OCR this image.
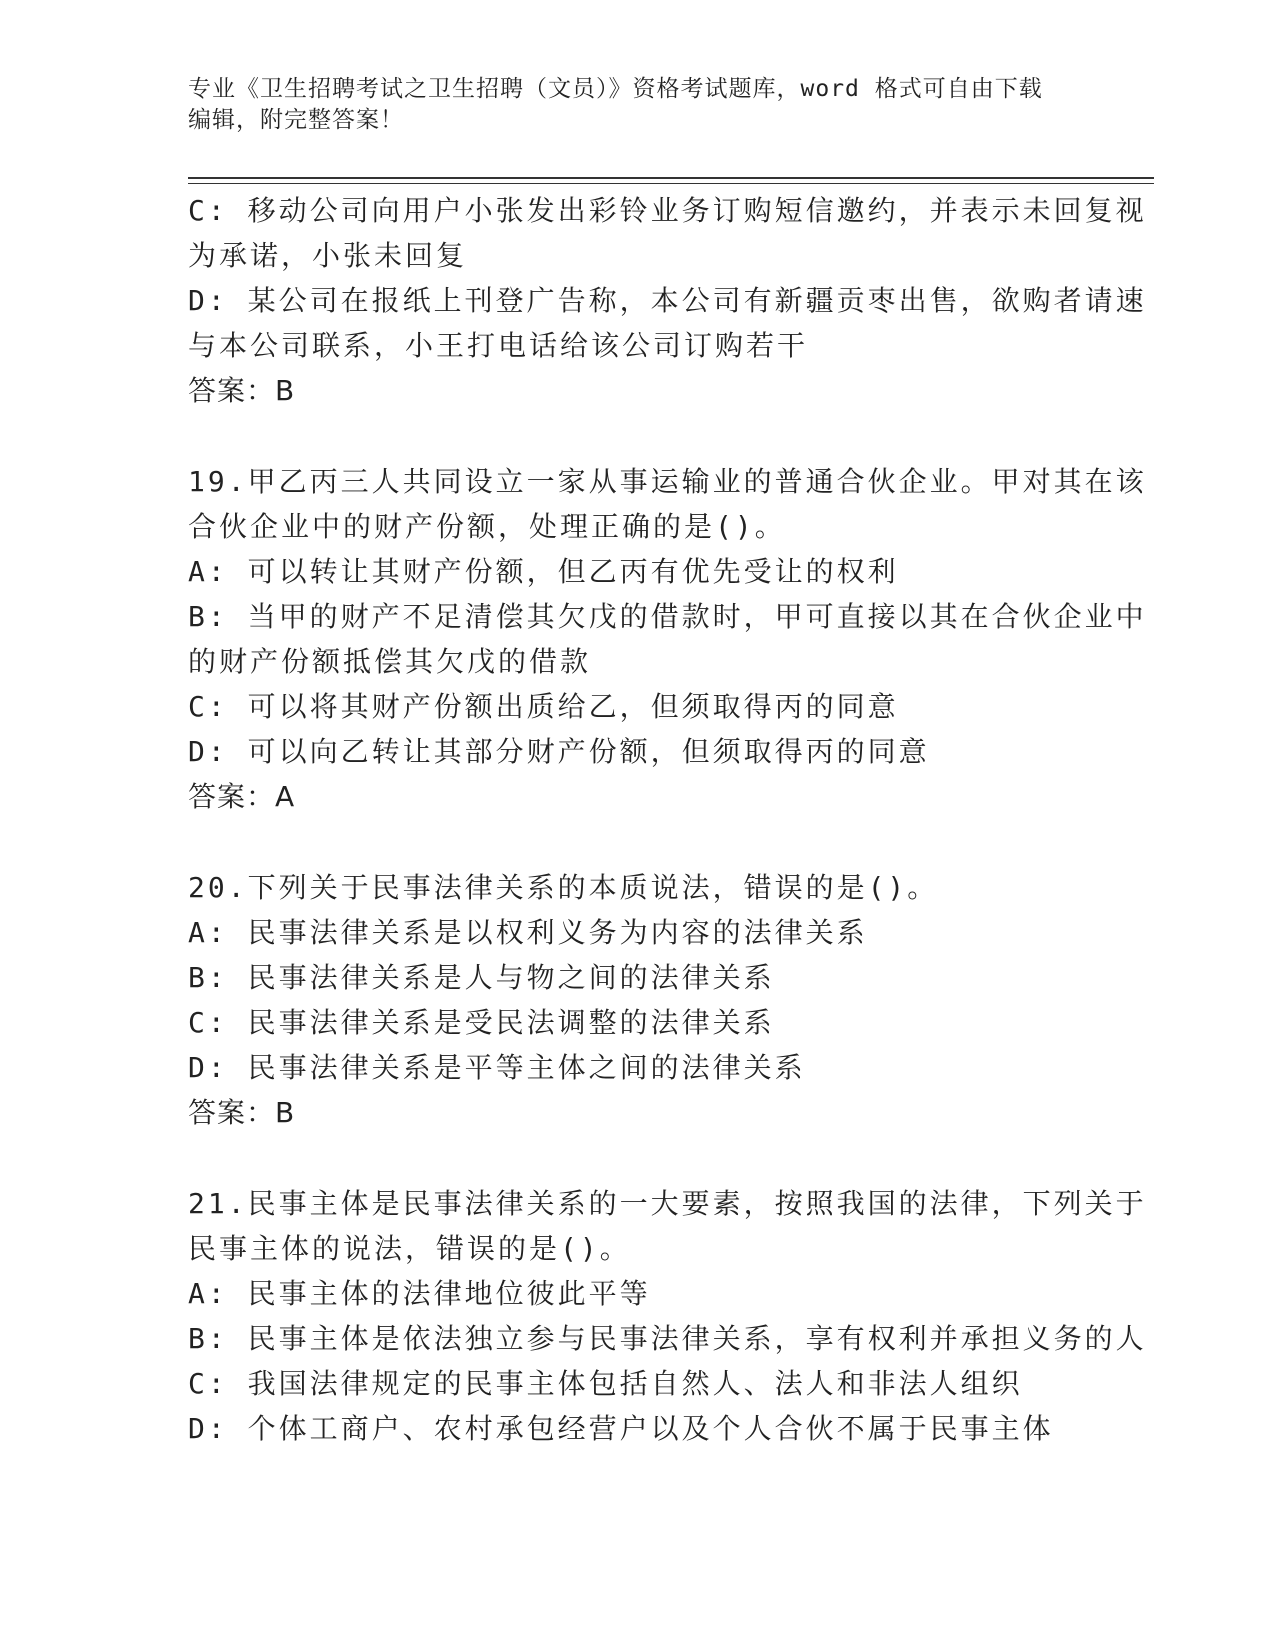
专业《卫生招聘考试之卫生招聘（文员）》资格考试题库，word 格式可自由下载
编辑，附完整答案！

C: 移动公司向用户小张发出彩铃业务订购短信邀约，并表示未回复视

为承诺，小张未回复

D: 某公司在报纸上刊登广告称，本公司有新疆贡枣出售，欲购者请速

与本公司联系，小王打电话给该公司订购若干

答案：B

19.甲乙丙三人共同设立一家从事运输业的普通合伙企业。甲对其在该

合伙企业中的财产份额，处理正确的是()。

A: 可以转让其财产份额，但乙丙有优先受让的权利

B: 当甲的财产不足清偿其欠戊的借款时，甲可直接以其在合伙企业中

的财产份额抵偿其欠戊的借款

C: 可以将其财产份额出质给乙，但须取得丙的同意

D: 可以向乙转让其部分财产份额，但须取得丙的同意

答案：A

20.下列关于民事法律关系的本质说法，错误的是()。

A: 民事法律关系是以权利义务为内容的法律关系

B: 民事法律关系是人与物之间的法律关系

C: 民事法律关系是受民法调整的法律关系

D: 民事法律关系是平等主体之间的法律关系

答案：B

21.民事主体是民事法律关系的一大要素，按照我国的法律，下列关于

民事主体的说法，错误的是()。

A: 民事主体的法律地位彼此平等

B: 民事主体是依法独立参与民事法律关系，享有权利并承担义务的人

C: 我国法律规定的民事主体包括自然人、法人和非法人组织

D: 个体工商户、农村承包经营户以及个人合伙不属于民事主体
